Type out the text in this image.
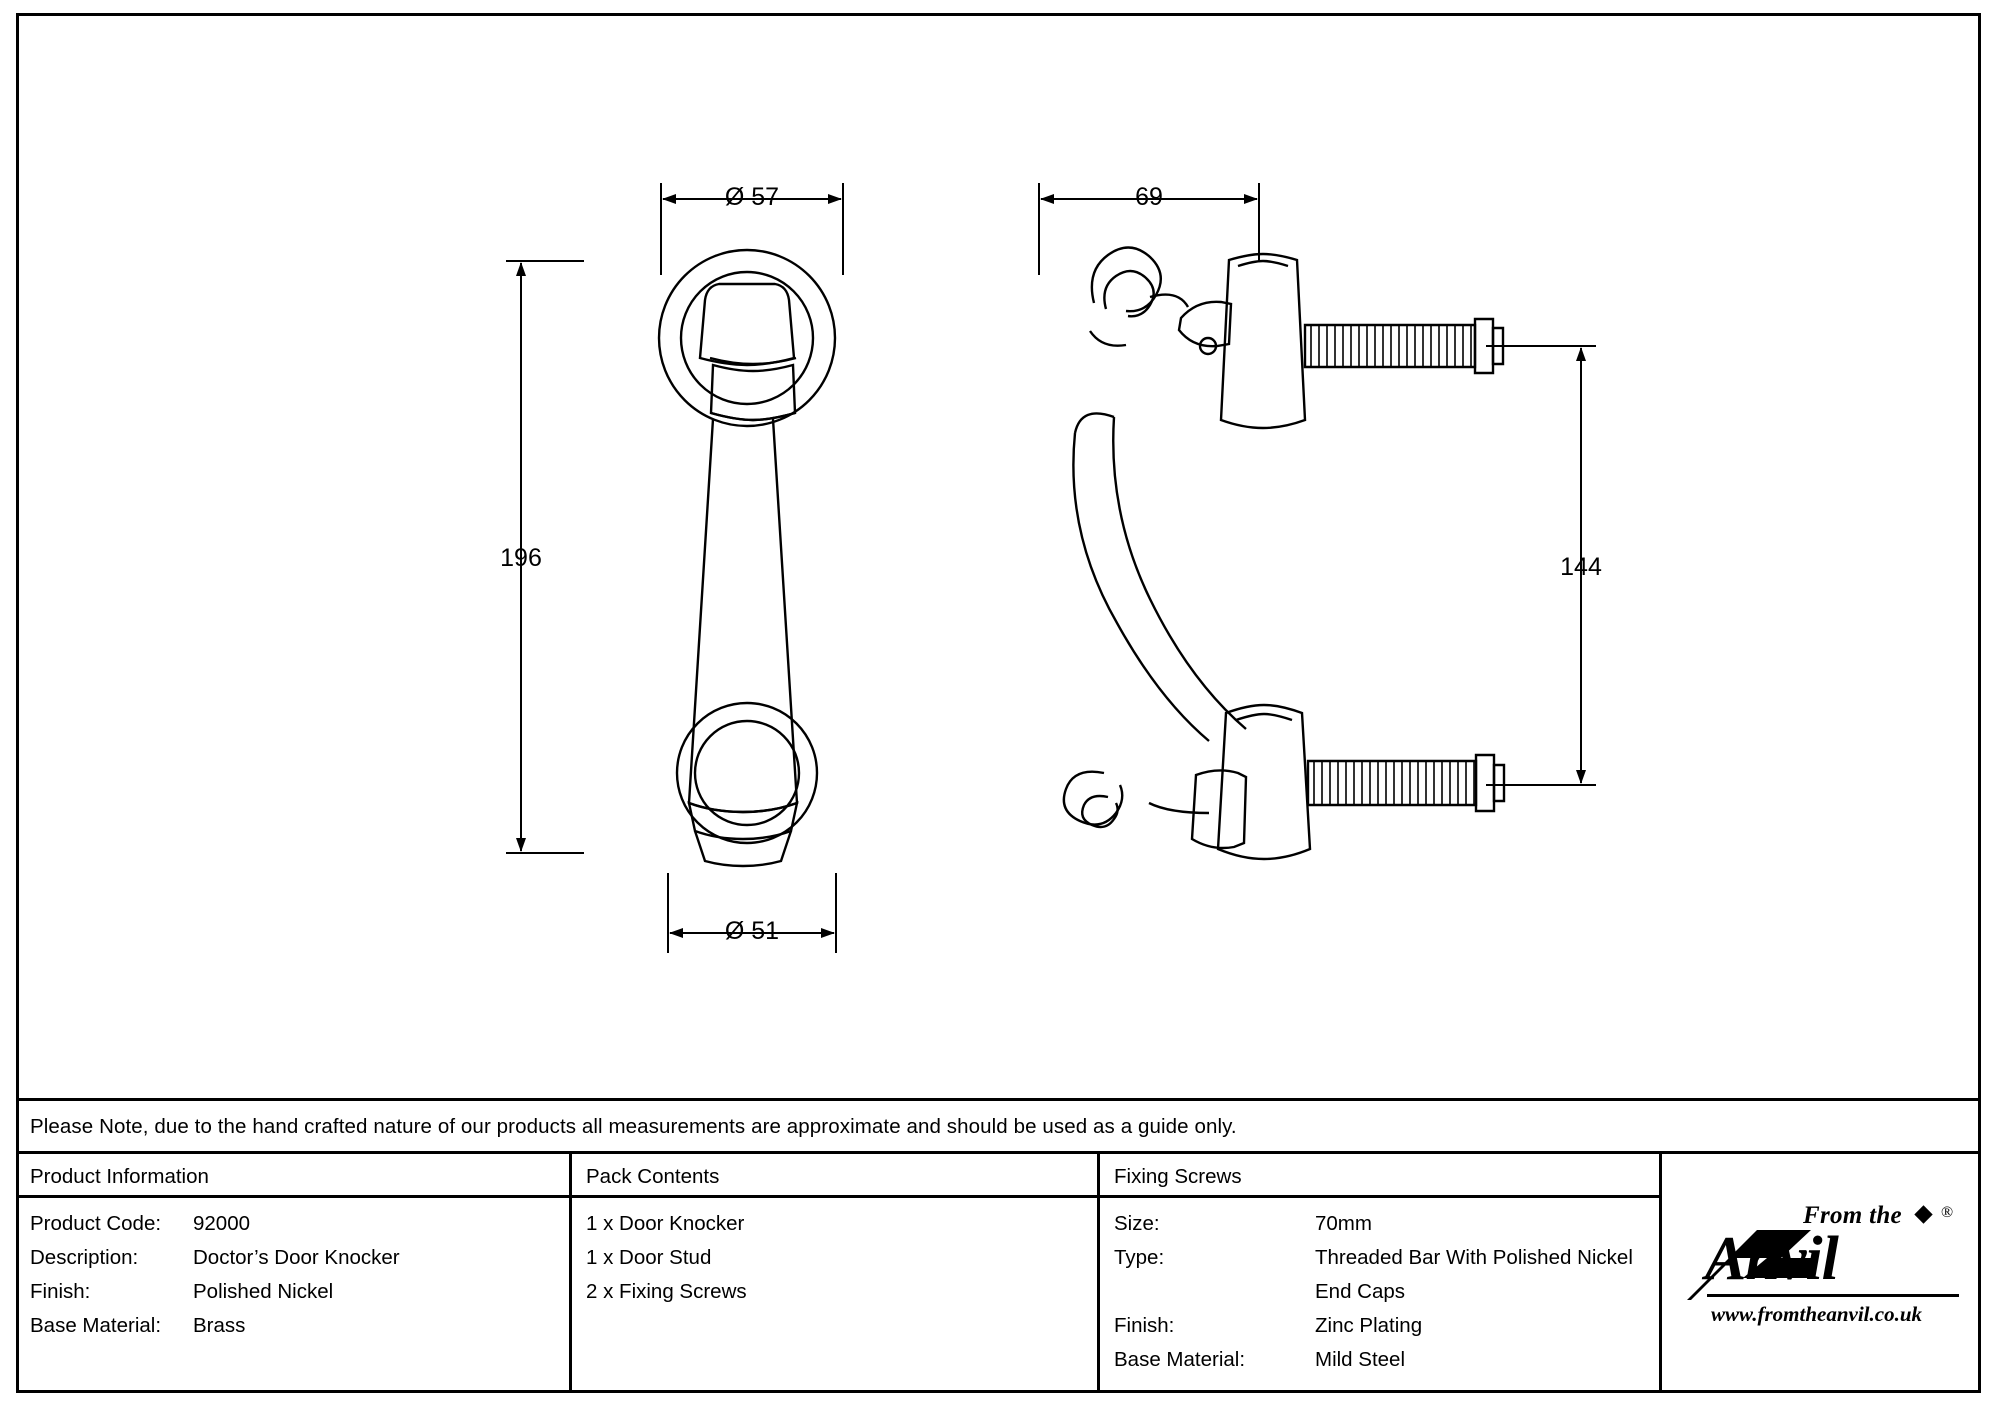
Ø 57
Ø 51
196
69
144
Please Note, due to the hand crafted nature of our products all measurements are approximate and should be used as a guide only.
Product Information
Product Code: 92000
Description:	Doctor’s Door Knocker
Finish:	Polished Nickel
Base Material: Brass
Pack Contents
1 x Door Knocker
1 x Door Stud
2 x Fixing Screws
Fixing Screws
Size:	70mm
Type:	Threaded Bar With Polished Nickel
End Caps
Finish:	Zinc Plating
Base Material:	Mild Steel
From the
Anvil
®
www.fromtheanvil.co.uk
